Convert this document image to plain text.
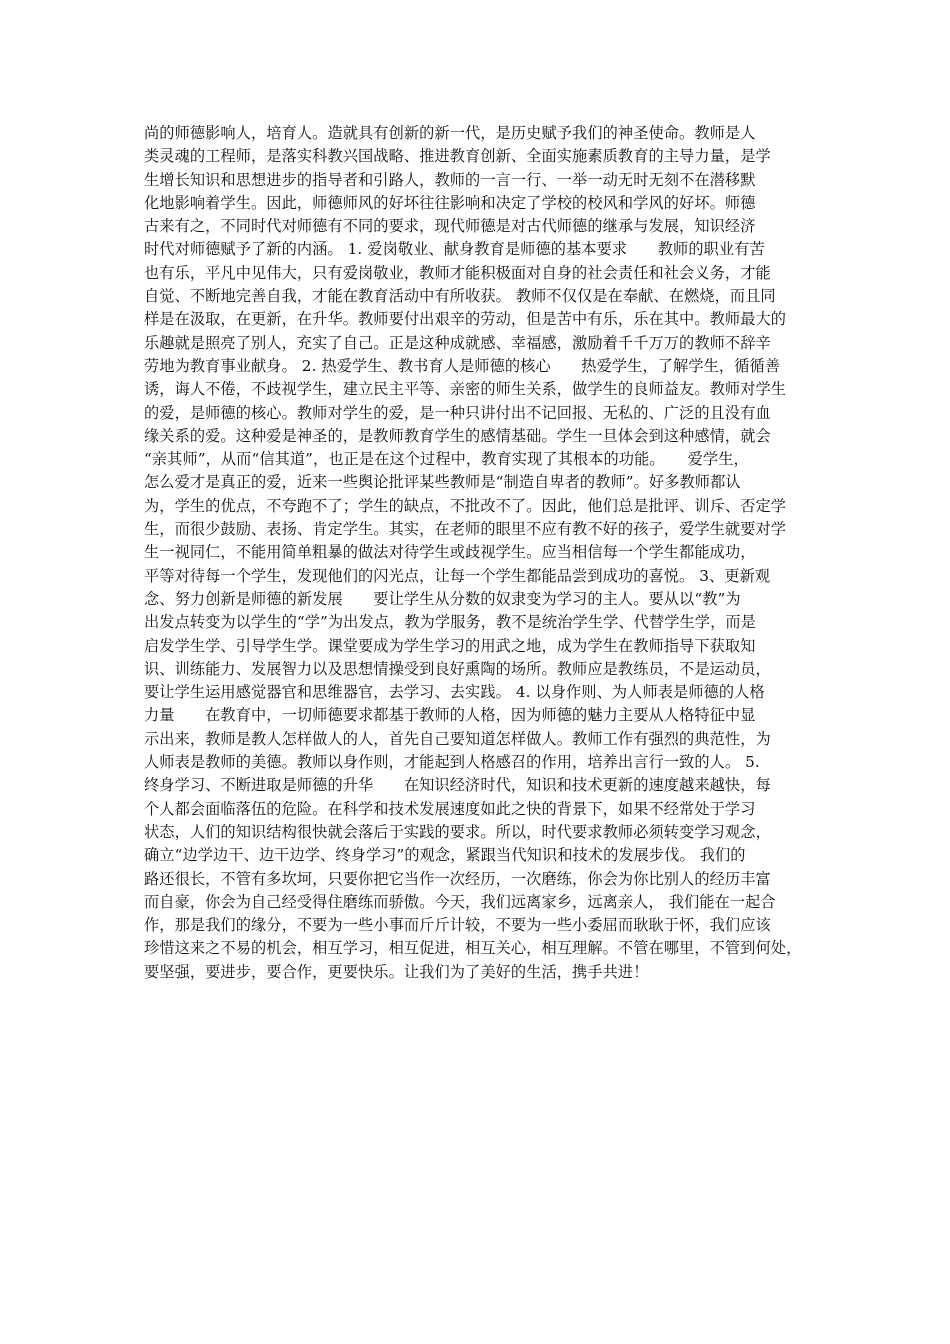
尚的师德影响人，培育人。造就具有创新的新一代，是历史赋予我们的神圣使命。教师是人
类灵魂的工程师，是落实科教兴国战略、推进教育创新、全面实施素质教育的主导力量，是学
生增长知识和思想进步的指导者和引路人，教师的一言一行、一举一动无时无刻不在潜移默
化地影响着学生。因此，师德师风的好坏往往影响和决定了学校的校风和学风的好坏。师德
古来有之，不同时代对师德有不同的要求，现代师德是对古代师德的继承与发展，知识经济
时代对师德赋予了新的内涵。 1. 爱岗敬业、献身教育是师德的基本要求　　教师的职业有苦
也有乐，平凡中见伟大，只有爱岗敬业，教师才能积极面对自身的社会责任和社会义务，才能
自觉、不断地完善自我，才能在教育活动中有所收获。 教师不仅仅是在奉献、在燃烧，而且同
样是在汲取，在更新，在升华。教师要付出艰辛的劳动，但是苦中有乐，乐在其中。教师最大的
乐趣就是照亮了别人，充实了自己。正是这种成就感、幸福感，激励着千千万万的教师不辞辛
劳地为教育事业献身。 2. 热爱学生、教书育人是师德的核心　　热爱学生，了解学生，循循善
诱，诲人不倦，不歧视学生，建立民主平等、亲密的师生关系，做学生的良师益友。教师对学生
的爱，是师德的核心。教师对学生的爱，是一种只讲付出不记回报、无私的、广泛的且没有血
缘关系的爱。这种爱是神圣的，是教师教育学生的感情基础。学生一旦体会到这种感情，就会
“亲其师”，从而“信其道”，也正是在这个过程中，教育实现了其根本的功能。　　爱学生，
怎么爱才是真正的爱，近来一些舆论批评某些教师是“制造自卑者的教师”。好多教师都认
为，学生的优点，不夸跑不了；学生的缺点，不批改不了。因此，他们总是批评、训斥、否定学
生，而很少鼓励、表扬、肯定学生。其实，在老师的眼里不应有教不好的孩子，爱学生就要对学
生一视同仁，不能用简单粗暴的做法对待学生或歧视学生。应当相信每一个学生都能成功，
平等对待每一个学生，发现他们的闪光点，让每一个学生都能品尝到成功的喜悦。 3、更新观
念、努力创新是师德的新发展　　要让学生从分数的奴隶变为学习的主人。要从以“教”为
出发点转变为以学生的“学”为出发点，教为学服务，教不是统治学生学、代替学生学，而是
启发学生学、引导学生学。课堂要成为学生学习的用武之地，成为学生在教师指导下获取知
识、训练能力、发展智力以及思想情操受到良好熏陶的场所。教师应是教练员，不是运动员，
要让学生运用感觉器官和思维器官，去学习、去实践。 4. 以身作则、为人师表是师德的人格
力量　　在教育中，一切师德要求都基于教师的人格，因为师德的魅力主要从人格特征中显
示出来，教师是教人怎样做人的人，首先自己要知道怎样做人。教师工作有强烈的典范性，为
人师表是教师的美德。教师以身作则，才能起到人格感召的作用，培养出言行一致的人。 5.
终身学习、不断进取是师德的升华　　在知识经济时代，知识和技术更新的速度越来越快，每
个人都会面临落伍的危险。在科学和技术发展速度如此之快的背景下，如果不经常处于学习
状态，人们的知识结构很快就会落后于实践的要求。所以，时代要求教师必须转变学习观念，
确立“边学边干、边干边学、终身学习”的观念，紧跟当代知识和技术的发展步伐。 我们的
路还很长，不管有多坎坷，只要你把它当作一次经历，一次磨练，你会为你比别人的经历丰富
而自豪，你会为自己经受得住磨练而骄傲。今天，我们远离家乡，远离亲人， 我们能在一起合
作，那是我们的缘分，不要为一些小事而斤斤计较，不要为一些小委屈而耿耿于怀，我们应该
珍惜这来之不易的机会，相互学习，相互促进，相互关心，相互理解。不管在哪里，不管到何处，
要坚强，要进步，要合作，更要快乐。让我们为了美好的生活，携手共进！
